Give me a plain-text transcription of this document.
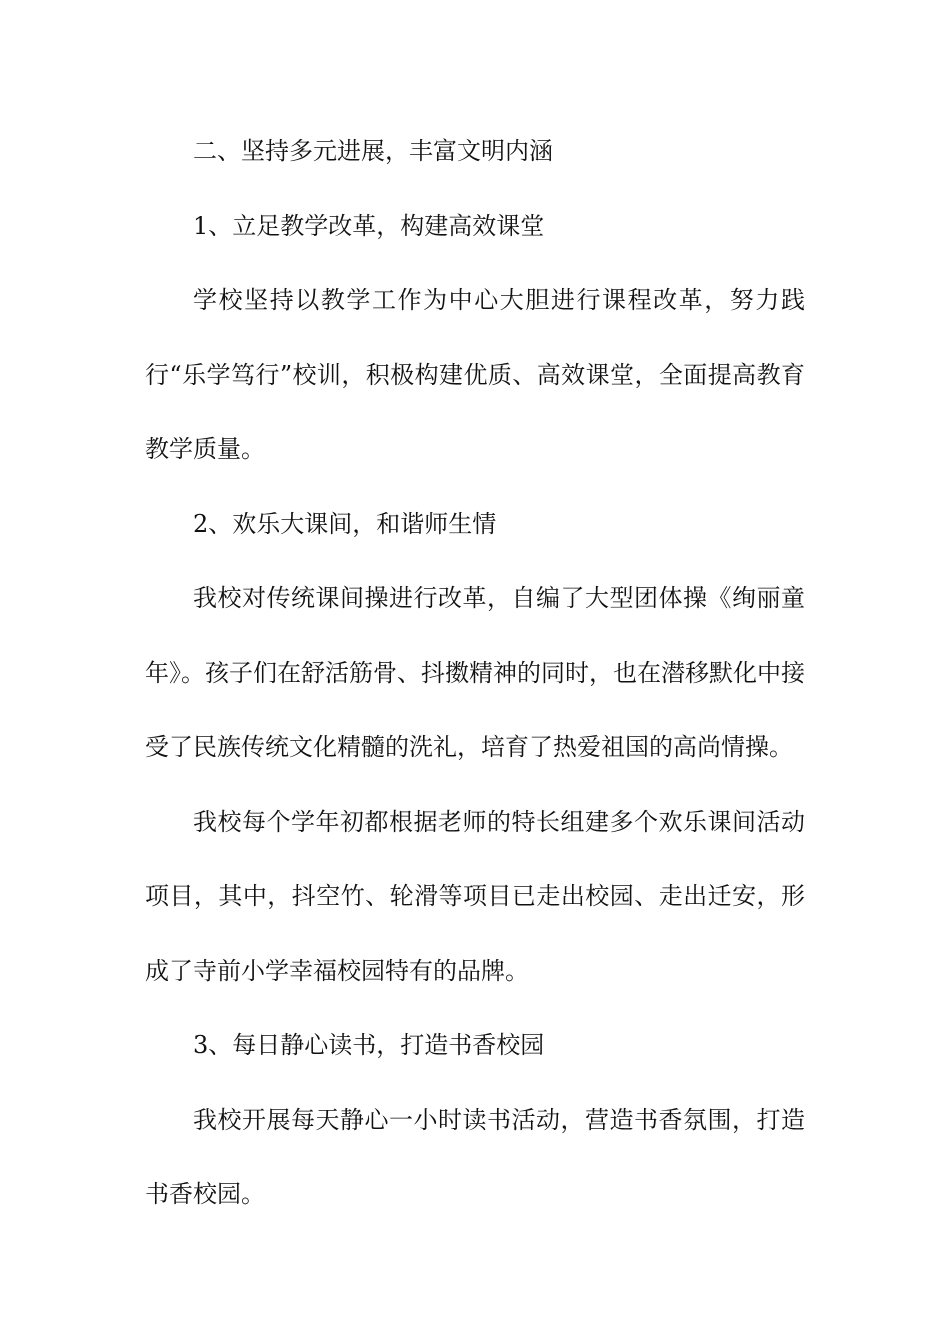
二、坚持多元进展，丰富文明内涵

1、立足教学改革，构建高效课堂

学校坚持以教学工作为中心大胆进行课程改革，努力践行“乐学笃行”校训，积极构建优质、高效课堂，全面提高教育教学质量。

2、欢乐大课间，和谐师生情

我校对传统课间操进行改革，自编了大型团体操《绚丽童年》。孩子们在舒活筋骨、抖擞精神的同时，也在潜移默化中接受了民族传统文化精髓的洗礼，培育了热爱祖国的高尚情操。

我校每个学年初都根据老师的特长组建多个欢乐课间活动项目，其中，抖空竹、轮滑等项目已走出校园、走出迁安，形成了寺前小学幸福校园特有的品牌。

3、每日静心读书，打造书香校园

我校开展每天静心一小时读书活动，营造书香氛围，打造书香校园。
